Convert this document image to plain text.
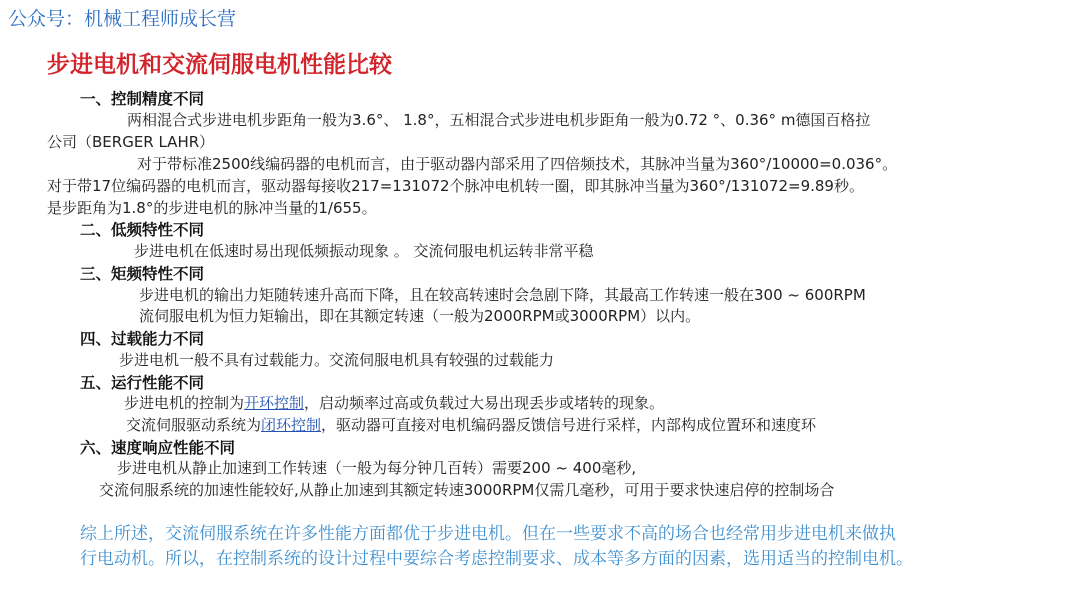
公众号：机械工程师成长营
步进电机和交流伺服电机性能比较
一、控制精度不同
两相混合式步进电机步距角一般为3.6°、 1.8°，五相混合式步进电机步距角一般为0.72 °、0.36° m德国百格拉
公司（BERGER LAHR）
对于带标准2500线编码器的电机而言，由于驱动器内部采用了四倍频技术，其脉冲当量为360°/10000=0.036°。
对于带17位编码器的电机而言，驱动器每接收217=131072个脉冲电机转一圈，即其脉冲当量为360°/131072=9.89秒。
是步距角为1.8°的步进电机的脉冲当量的1/655。
二、低频特性不同
步进电机在低速时易出现低频振动现象 。 交流伺服电机运转非常平稳
三、矩频特性不同
步进电机的输出力矩随转速升高而下降，且在较高转速时会急剧下降，其最高工作转速一般在300 ~ 600RPM
流伺服电机为恒力矩输出，即在其额定转速（一般为2000RPM或3000RPM）以内。
四、过载能力不同
步进电机一般不具有过载能力。交流伺服电机具有较强的过载能力
五、运行性能不同
步进电机的控制为开环控制，启动频率过高或负载过大易出现丢步或堵转的现象。
交流伺服驱动系统为闭环控制，驱动器可直接对电机编码器反馈信号进行采样，内部构成位置环和速度环
六、速度响应性能不同
步进电机从静止加速到工作转速（一般为每分钟几百转）需要200 ~ 400毫秒,
交流伺服系统的加速性能较好,从静止加速到其额定转速3000RPM仅需几毫秒，可用于要求快速启停的控制场合
综上所述，交流伺服系统在许多性能方面都优于步进电机。但在一些要求不高的场合也经常用步进电机来做执
行电动机。所以，在控制系统的设计过程中要综合考虑控制要求、成本等多方面的因素，选用适当的控制电机。
